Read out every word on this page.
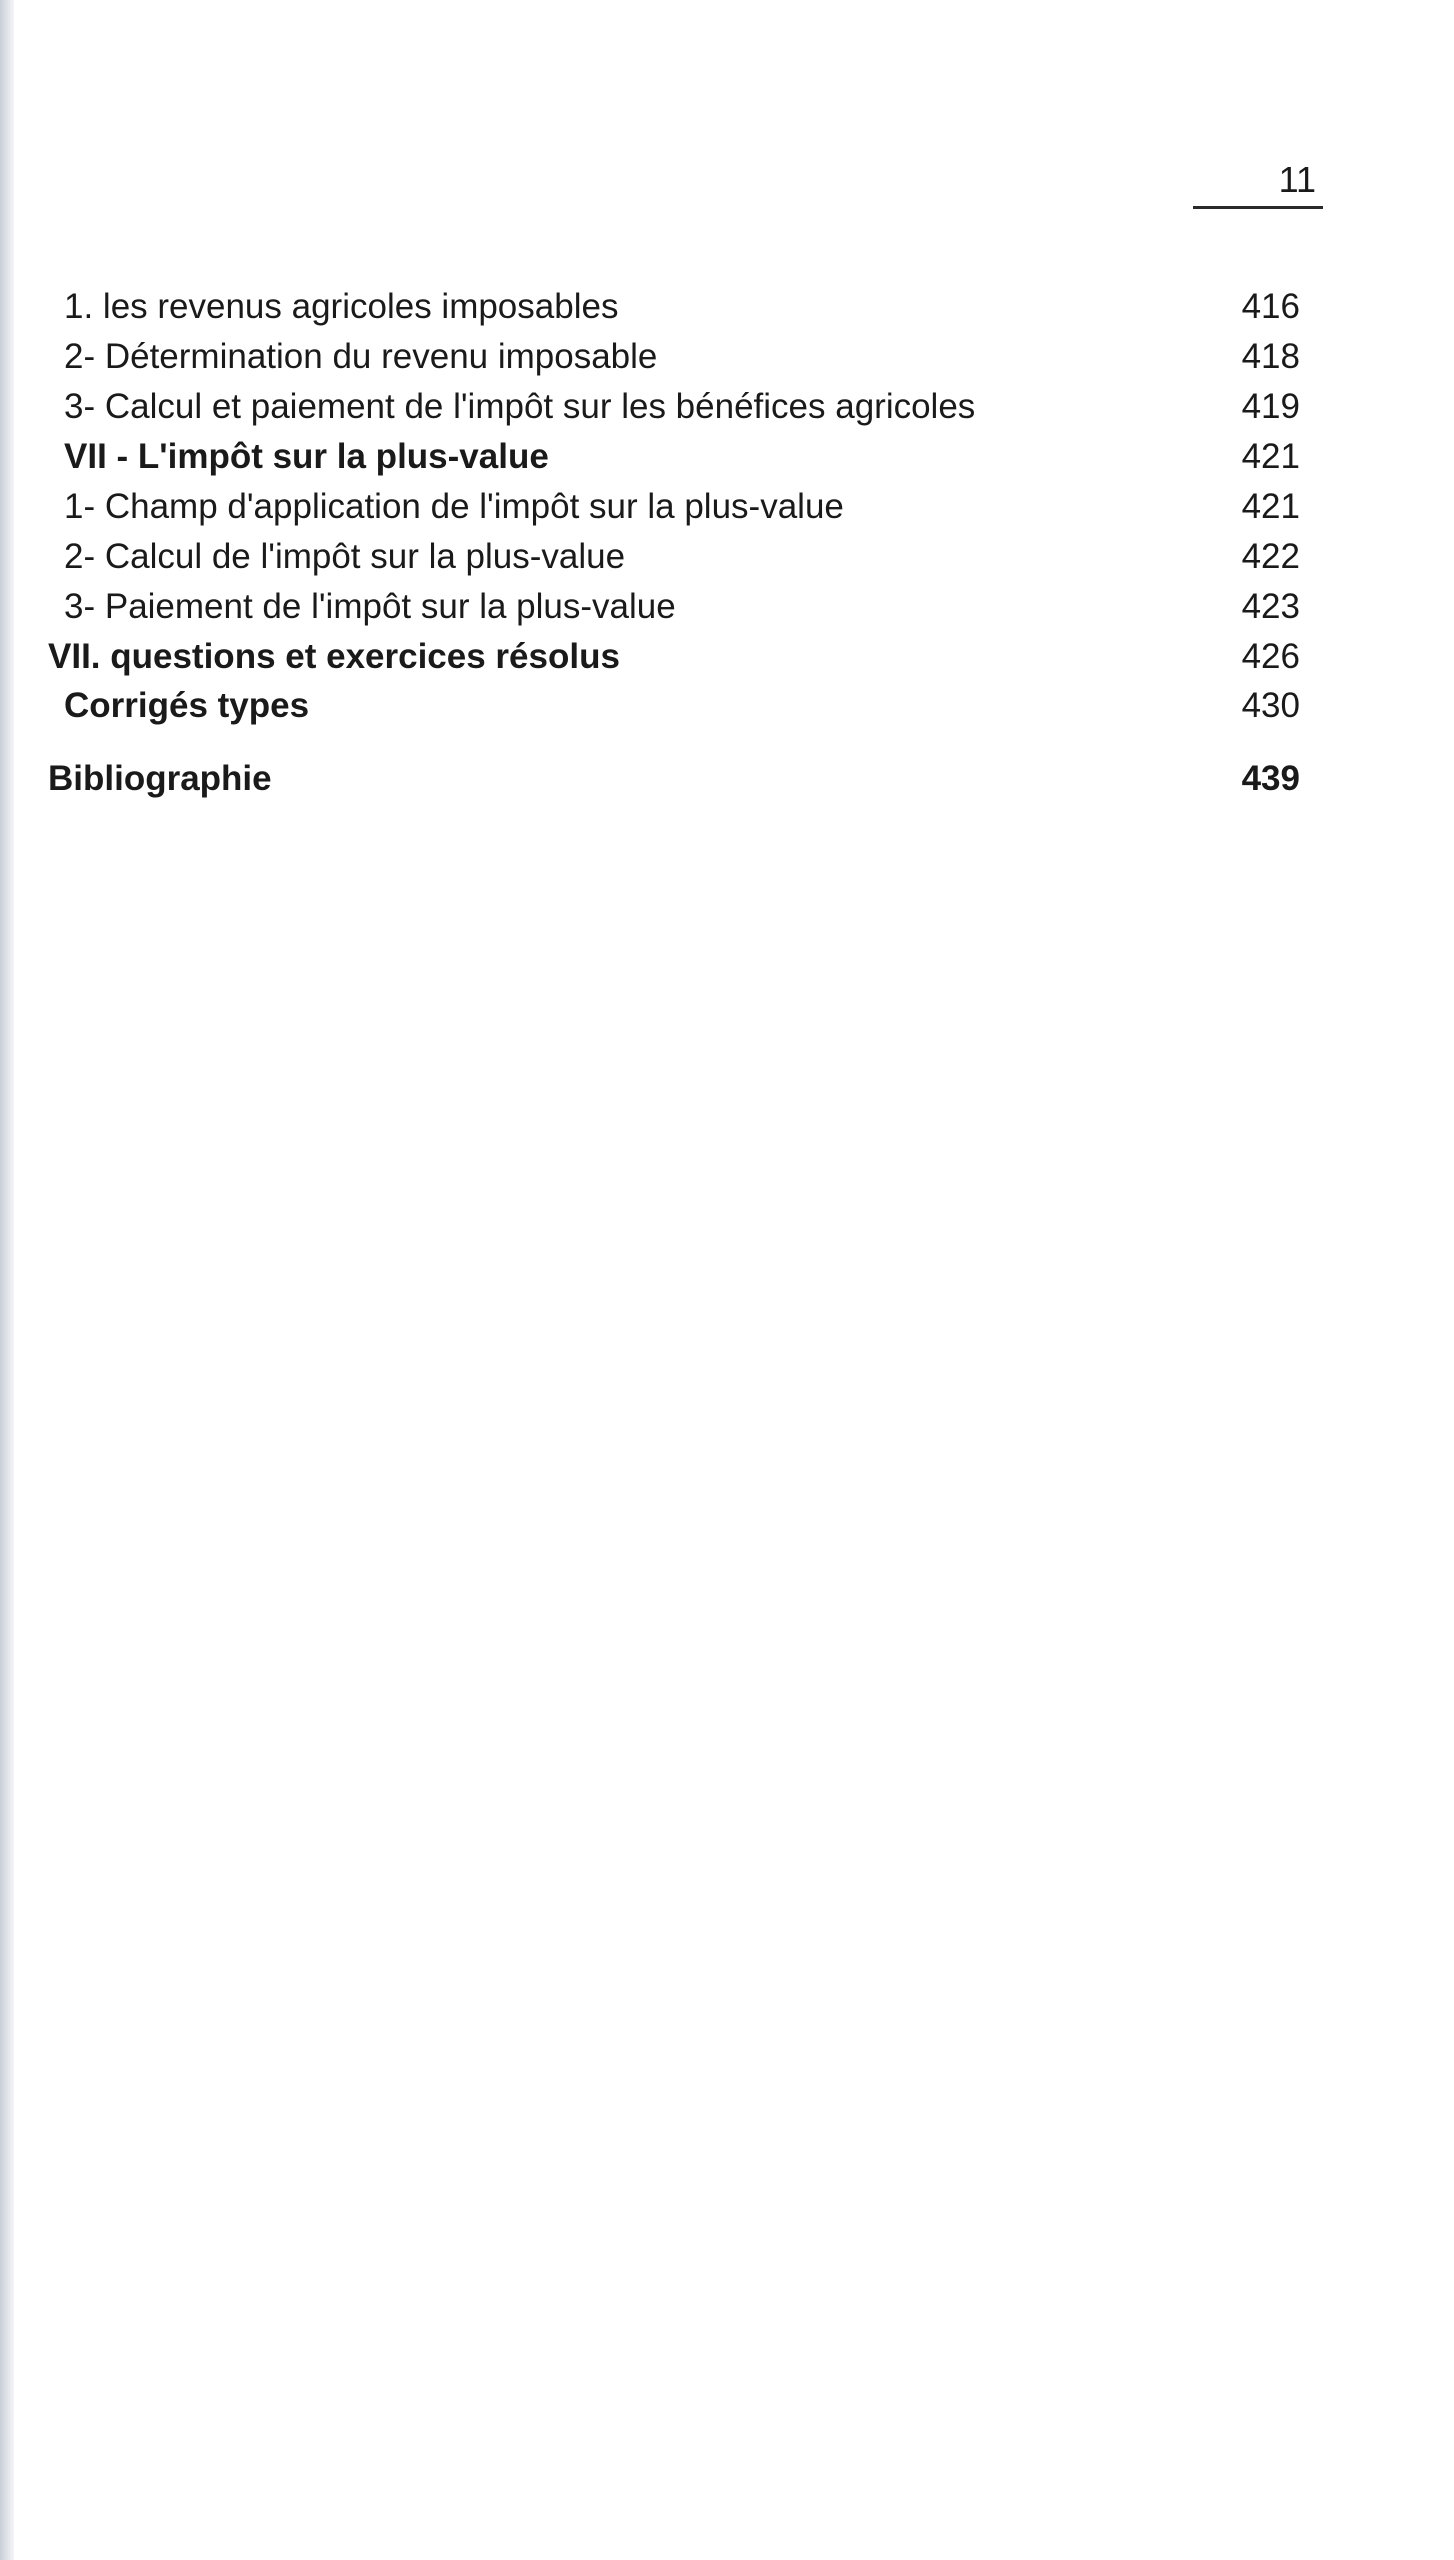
11
1. les revenus agricoles imposables	416
2- Détermination du revenu imposable	418
3- Calcul et paiement de l'impôt sur les bénéfices agricoles	419
VII - L'impôt sur la plus-value	421
1- Champ d'application de l'impôt sur la plus-value	421
2- Calcul de l'impôt sur la plus-value	422
3- Paiement de l'impôt sur la plus-value	423
VII. questions et exercices résolus	426
Corrigés types	430
Bibliographie	439
